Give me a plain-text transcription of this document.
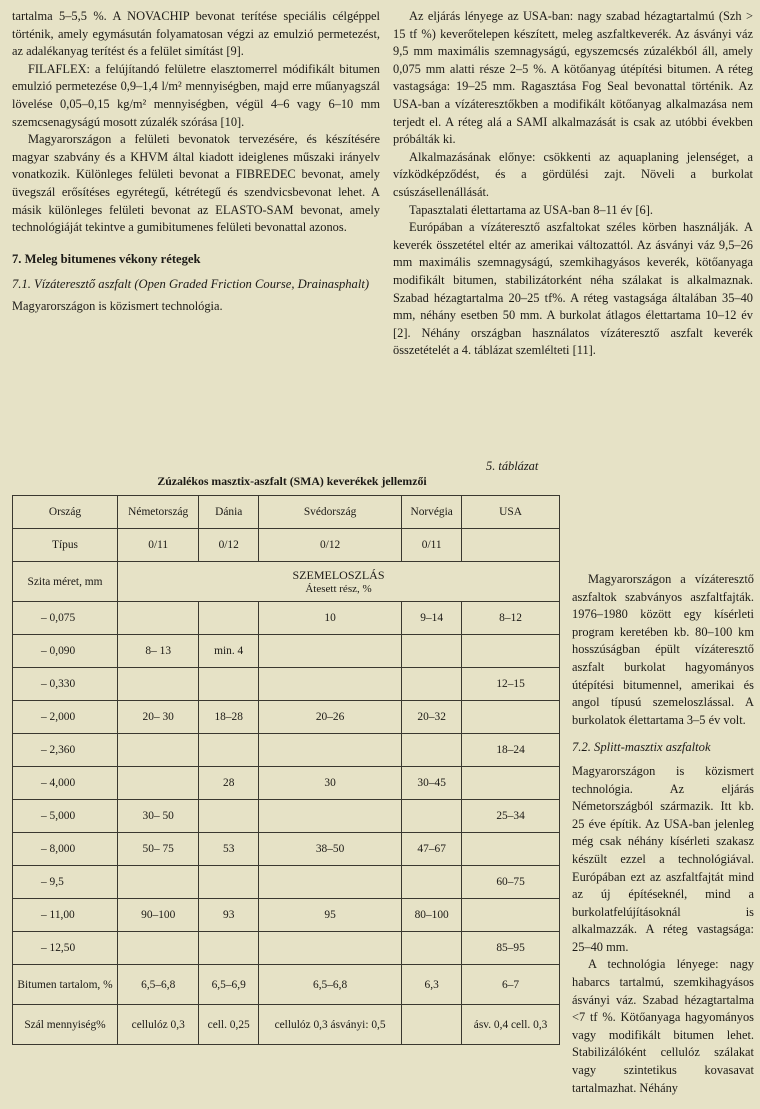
tartalma 5–5,5 %. A NOVACHIP bevonat terítése speciális célgéppel történik, amely egymásután folyamatosan végzi az emulzió permetezést, az adalékanyag terítést és a felület simítást [9].

FILAFLEX: a felújítandó felületre elasztomerrel módifikált bitumen emulzió permetezése 0,9–1,4 l/m² mennyiségben, majd erre műanyagszál lövelése 0,05–0,15 kg/m² mennyiségben, végül 4–6 vagy 6–10 mm szemcsenagyságú mosott zúzalék szórása [10].

Magyarországon a felületi bevonatok tervezésére, és készítésére magyar szabvány és a KHVM által kiadott ideiglenes műszaki irányelv vonatkozik. Különleges felületi bevonat a FIBREDEC bevonat, amely üvegszál erősítéses egyrétegű, kétrétegű és szendvicsbevonat lehet. A másik különleges felületi bevonat az ELASTO-SAM bevonat, amely technológiáját tekintve a gumibitumenes felületi bevonattal azonos.

7. Meleg bitumenes vékony rétegek
7.1. Vízáteresztő aszfalt (Open Graded Friction Course, Drainasphalt)

Magyarországon is közismert technológia.

Az eljárás lényege az USA-ban: nagy szabad hézagtartalmú (Szh > 15 tf %) keverőtelepen készített, meleg aszfaltkeverék. Az ásványi váz 9,5 mm maximális szemnagyságú, egyszemcsés zúzalékból áll, amely 0,075 mm alatti része 2–5 %. A kötőanyag útépítési bitumen. A réteg vastagsága: 19–25 mm. Ragasztása Fog Seal bevonattal történik. Az USA-ban a vízáteresztőkben a modifikált kötőanyag alkalmazása nem terjedt el. A réteg alá a SAMI alkalmazását is csak az utóbbi években próbálták ki.

Alkalmazásának előnye: csökkenti az aquaplaning jelenséget, a vízködképződést, és a gördülési zajt. Növeli a burkolat csúszásellenállását.

Tapasztalati élettartama az USA-ban 8–11 év [6].

Európában a vízáteresztő aszfaltokat széles körben használják. A keverék összetétel eltér az amerikai változattól. Az ásványi váz 9,5–26 mm maximális szemnagyságú, szemkihagyásos keverék, kötőanyaga modifikált bitumen, stabilizátorként néha szálakat is alkalmaznak. Szabad hézagtartalma 20–25 tf%. A réteg vastagsága általában 35–40 mm, néhány esetben 50 mm. A burkolat átlagos élettartama 10–12 év [2]. Néhány országban használatos vízáteresztő aszfalt keverék összetételét a 4. táblázat szemlélteti [11].

5. táblázat
Zúzalékos masztix-aszfalt (SMA) keverékek jellemzői
Ország	Németország	Dánia	Svédország	Norvégia	USA
Típus	0/11	0/12	0/12	0/11	
Szita méret, mm	SZEMELOSZLÁS
Átesett rész, %				

– 0,075			10	9–14	8–12
– 0,090	8– 13	min. 4			
– 0,330					12–15
– 2,000	20– 30	18–28	20–26	20–32	
– 2,360					18–24
– 4,000		28	30	30–45	
– 5,000	30– 50				25–34
– 8,000	50– 75	53	38–50	47–67	
– 9,5					60–75
– 11,00	90–100	93	95	80–100	
– 12,50					85–95
Bitumen tartalom, %	6,5–6,8	6,5–6,9	6,5–6,8	6,3	6–7
Szál mennyiség%	cellulóz 0,3	cell. 0,25	cellulóz 0,3 ásványi: 0,5		ásv. 0,4 cell. 0,3

Magyarországon a vízáteresztő aszfaltok szabványos aszfaltfajták. 1976–1980 között egy kísérleti program keretében kb. 80–100 km hosszúságban épült vízáteresztő aszfalt burkolat hagyományos útépítési bitumennel, amerikai és angol típusú szemeloszlással. A burkolatok élettartama 3–5 év volt.

7.2. Splitt-masztix aszfaltok

Magyarországon is közismert technológia. Az eljárás Németországból származik. Itt kb. 25 éve építik. Az USA-ban jelenleg még csak néhány kísérleti szakasz készült ezzel a technológiával. Európában ezt az aszfaltfajtát mind az új építéseknél, mind a burkolatfelújításoknál is alkalmazzák. A réteg vastagsága: 25–40 mm.

A technológia lényege: nagy habarcs tartalmú, szemkihagyásos ásványi váz. Szabad hézagtartalma <7 tf %. Kötőanyaga hagyományos vagy modifikált bitumen lehet. Stabilizálóként cellulóz szálakat vagy szintetikus kovasavat tartalmazhat. Néhány
